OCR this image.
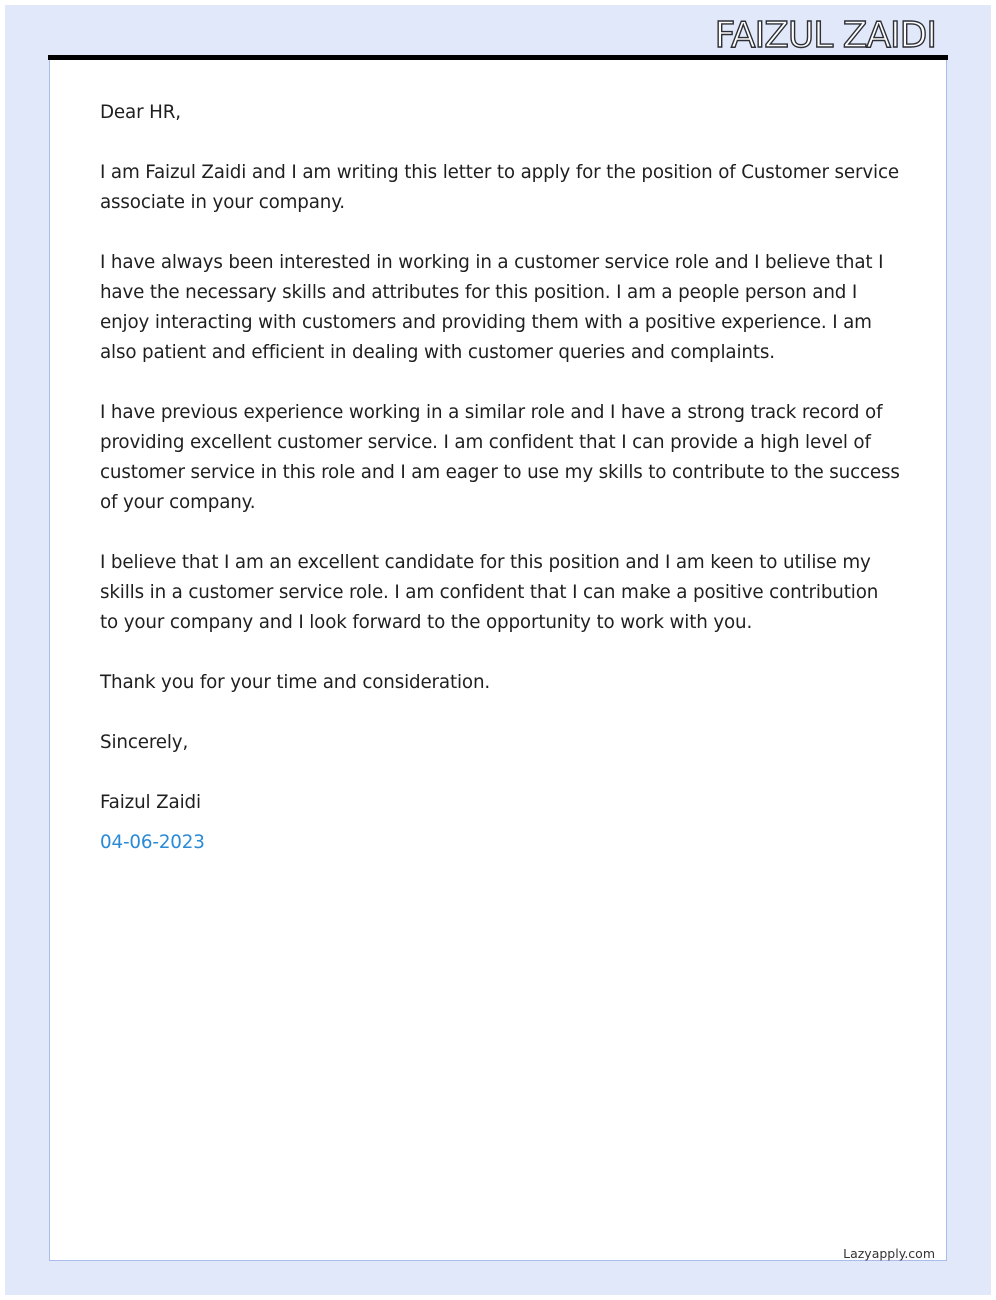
FAIZUL ZAIDI

Dear HR,

I am Faizul Zaidi and I am writing this letter to apply for the position of Customer service associate in your company.

I have always been interested in working in a customer service role and I believe that I have the necessary skills and attributes for this position. I am a people person and I enjoy interacting with customers and providing them with a positive experience. I am also patient and efficient in dealing with customer queries and complaints.

I have previous experience working in a similar role and I have a strong track record of providing excellent customer service. I am confident that I can provide a high level of customer service in this role and I am eager to use my skills to contribute to the success of your company.

I believe that I am an excellent candidate for this position and I am keen to utilise my skills in a customer service role. I am confident that I can make a positive contribution to your company and I look forward to the opportunity to work with you.

Thank you for your time and consideration.

Sincerely,

Faizul Zaidi

04-06-2023

Lazyapply.com
